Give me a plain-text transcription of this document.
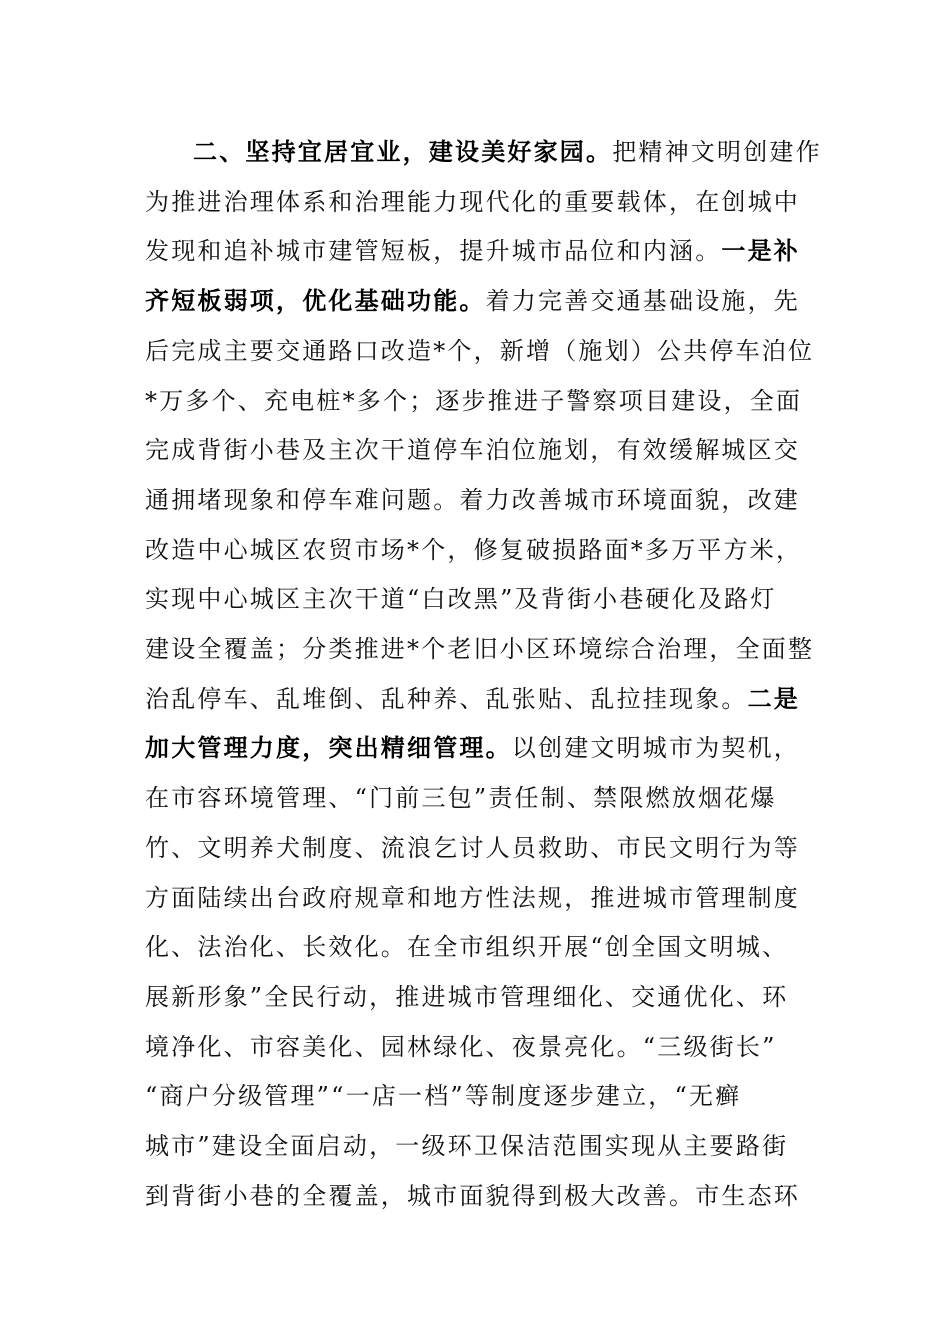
二、坚持宜居宜业，建设美好家园。把精神文明创建作
为推进治理体系和治理能力现代化的重要载体，在创城中
发现和追补城市建管短板，提升城市品位和内涵。一是补
齐短板弱项，优化基础功能。着力完善交通基础设施，先
后完成主要交通路口改造*个，新增（施划）公共停车泊位
*万多个、充电桩*多个；逐步推进子警察项目建设，全面
完成背街小巷及主次干道停车泊位施划，有效缓解城区交
通拥堵现象和停车难问题。着力改善城市环境面貌，改建
改造中心城区农贸市场*个，修复破损路面*多万平方米，
实现中心城区主次干道“白改黑”及背街小巷硬化及路灯
建设全覆盖；分类推进*个老旧小区环境综合治理，全面整
治乱停车、乱堆倒、乱种养、乱张贴、乱拉挂现象。二是
加大管理力度，突出精细管理。以创建文明城市为契机，
在市容环境管理、“门前三包”责任制、禁限燃放烟花爆
竹、文明养犬制度、流浪乞讨人员救助、市民文明行为等
方面陆续出台政府规章和地方性法规，推进城市管理制度
化、法治化、长效化。在全市组织开展“创全国文明城、
展新形象”全民行动，推进城市管理细化、交通优化、环
境净化、市容美化、园林绿化、夜景亮化。“三级街长”
“商户分级管理”“一店一档”等制度逐步建立，“无癣
城市”建设全面启动，一级环卫保洁范围实现从主要路街
到背街小巷的全覆盖，城市面貌得到极大改善。市生态环
